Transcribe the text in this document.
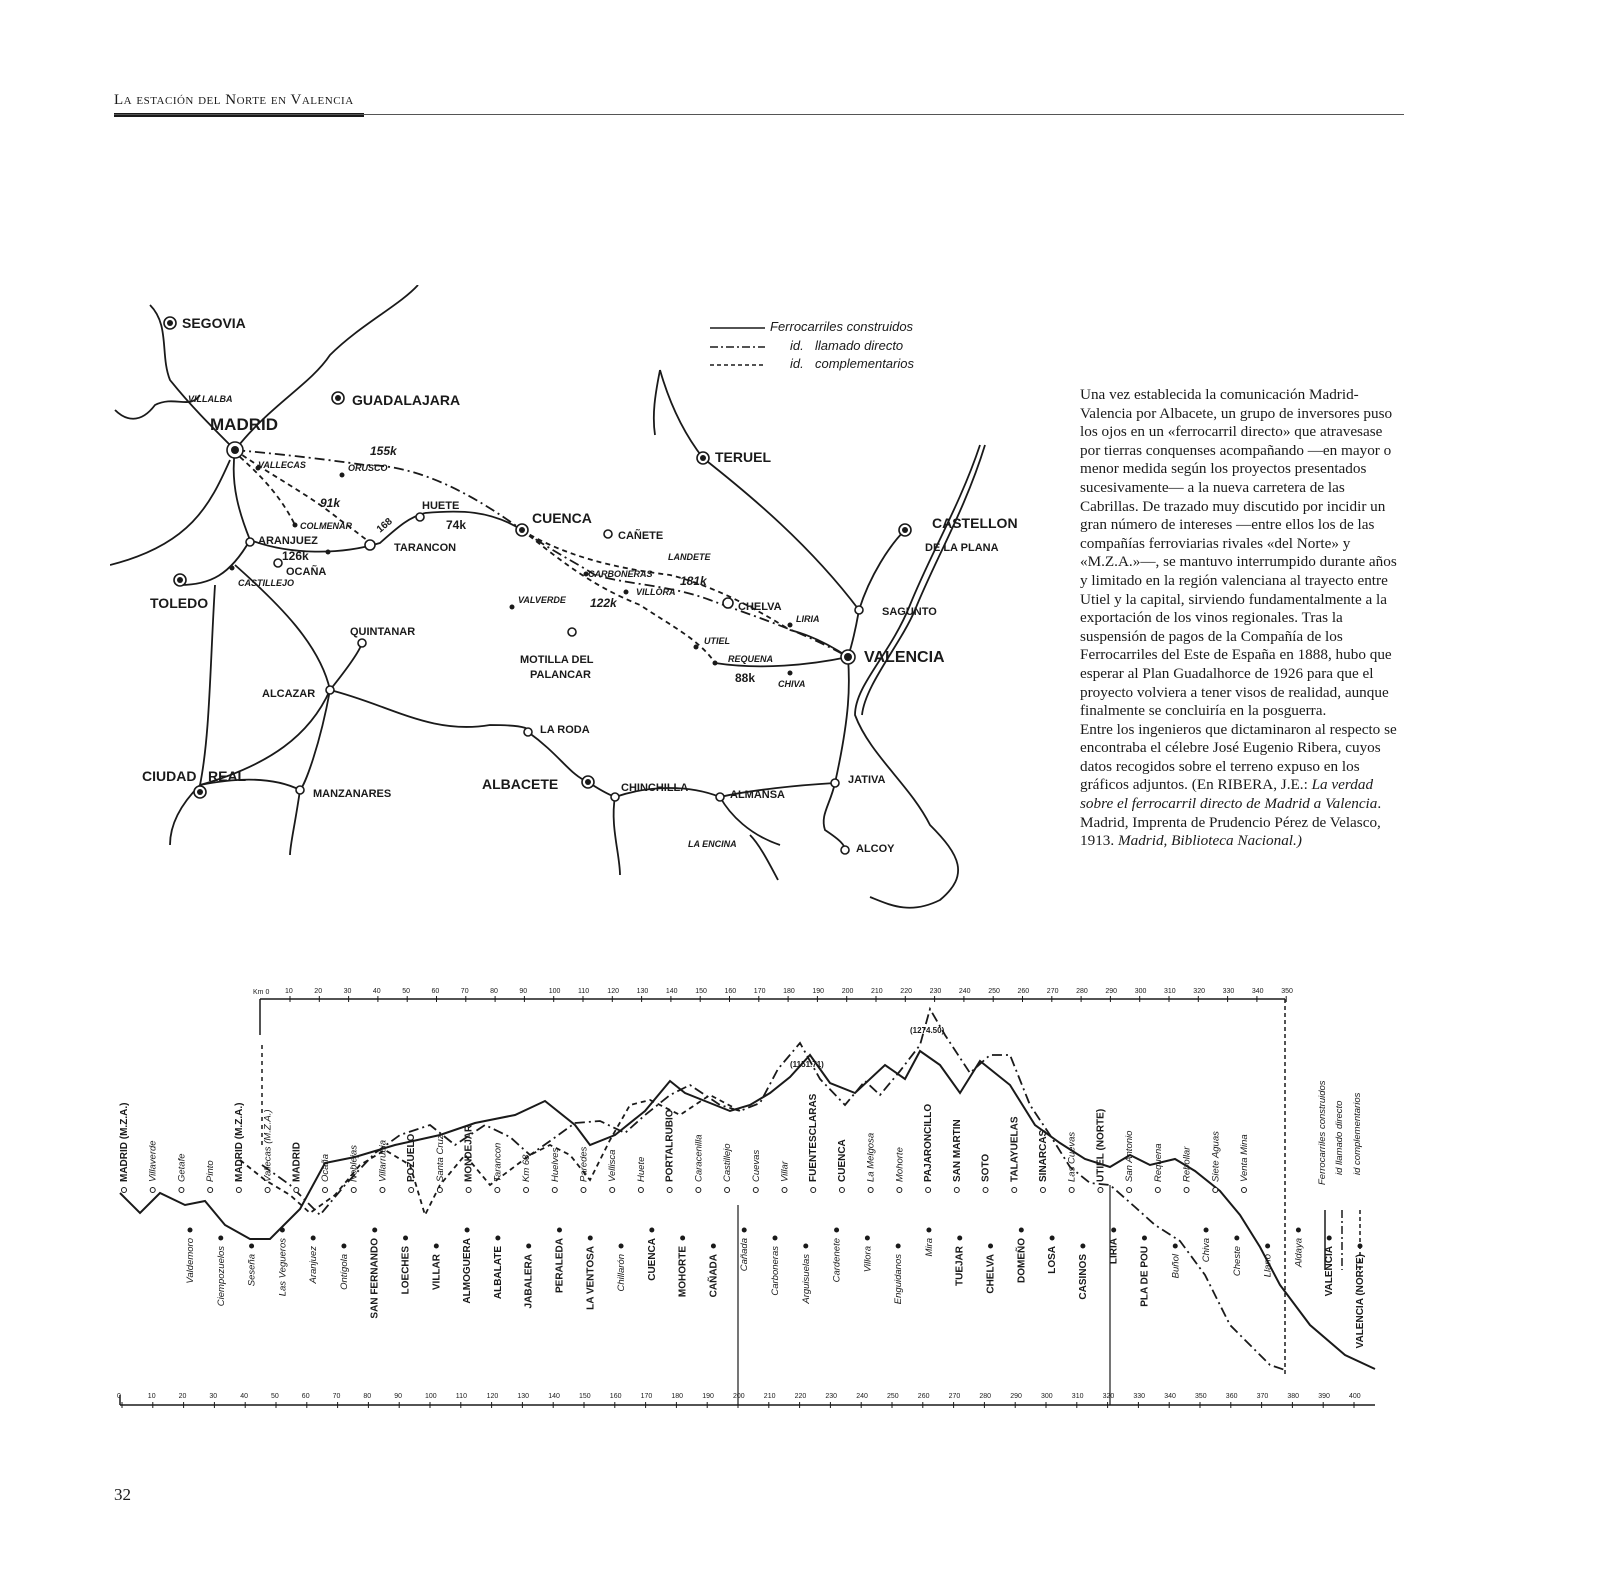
La estación del Norte en Valencia
Ferrocarriles construidos
id. llamado directo
id. complementarios
SEGOVIA
VILLALBA
MADRID
GUADALAJARA
VALLECAS	ORUSCO
COLMENAR
ARANJUEZ
OCAÑA
CASTILLEJO
TOLEDO
TARANCON
HUETE
CUENCA
CAÑETE
LANDETE
CARBONERAS
VILLORA
VALVERDE
MOTILLA DEL
PALANCAR
QUINTANAR
ALCAZAR
CIUDAD REAL
MANZANARES
LA RODA
ALBACETE	CHINCHILLA
ALMANSA
LA ENCINA
JATIVA
ALCOY
TERUEL
CASTELLON
DE LA PLANA
SAGUNTO
VALENCIA
CHELVA
LIRIA
UTIEL
REQUENA
CHIVA
155k
91k
74k
126k
168
181k
122k
88k

Una vez establecida la comunicación Madrid-Valencia por Albacete, un grupo de inversores puso los ojos en un «ferrocarril directo» que atravesase por tierras conquenses acompañando —en mayor o menor medida según los proyectos presentados sucesivamente— a la nueva carretera de las Cabrillas. De trazado muy discutido por incidir un gran número de intereses —entre ellos los de las compañías ferroviarias rivales «del Norte» y «M.Z.A.»—, se mantuvo interrumpido durante años y limitado en la región valenciana al trayecto entre Utiel y la capital, sirviendo fundamentalmente a la exportación de los vinos regionales. Tras la suspensión de pagos de la Compañía de los Ferrocarriles del Este de España en 1888, hubo que esperar al Plan Guadalhorce de 1926 para que el proyecto volviera a tener visos de realidad, aunque finalmente se concluiría en la posguerra.

Entre los ingenieros que dictaminaron al respecto se encontraba el célebre José Eugenio Ribera, cuyos datos recogidos sobre el terreno expuso en los gráficos adjuntos. (En RIBERA, J.E.: La verdad sobre el ferrocarril directo de Madrid a Valencia. Madrid, Imprenta de Prudencio Pérez de Velasco, 1913. Madrid, Biblioteca Nacional.)

10	20	30	40	50	60	70	80	90	100	110	120	130	140	150	160	170	180	190	200	210	220	230	240	250	260	270	280	290	300	310	320	330	340	350
0	10	20	30	40	50	60	70	80	90	100	110	120	130	140	150	160	170	180	190	200	210	220	230	240	250	260	270	280	290	300	310	320	330	340	350	360	370	380	390	400
Km 0
MADRID (M.Z.A.) Villaverde Getafe Pinto MADRID (M.Z.A.) Vallecas (M.Z.A.) MADRID Ocaña Noblejas Villarrubia POZUELO Santa Cruz MONDEJAR Tarancon Km 68 Huelves Paredes Vellisca Huete PORTALRUBIO Caracenilla Castillejo Cuevas Villar FUENTESCLARAS CUENCA La Melgosa Mohorte PAJARONCILLO SAN MARTIN SOTO TALAYUELAS SINARCAS Las Cuevas UTIEL (NORTE) San Antonio Requena Rebollar Siete Aguas Venta Mina
Valdemoro Ciempozuelos Seseña Las Vegueros Aranjuez Ontígola SAN FERNANDO LOECHES VILLAR ALMOGUERA ALBALATE JABALERA PERALEDA LA VENTOSA Chillarón CUENCA MOHORTE CAÑADA Cañada Carboneras Arguisuelas Cardenete Villora Enguidanos
Mira TUEJAR CHELVA DOMEÑO LOSA CASINOS
LIRIA PLA DE POU Buñol
Chiva Cheste Llano Aldaya VALENCIA VALENCIA (NORTE)
(1274.50)
(1151.71)
Ferrocarriles construidos id llamado directo id complementarios
32
